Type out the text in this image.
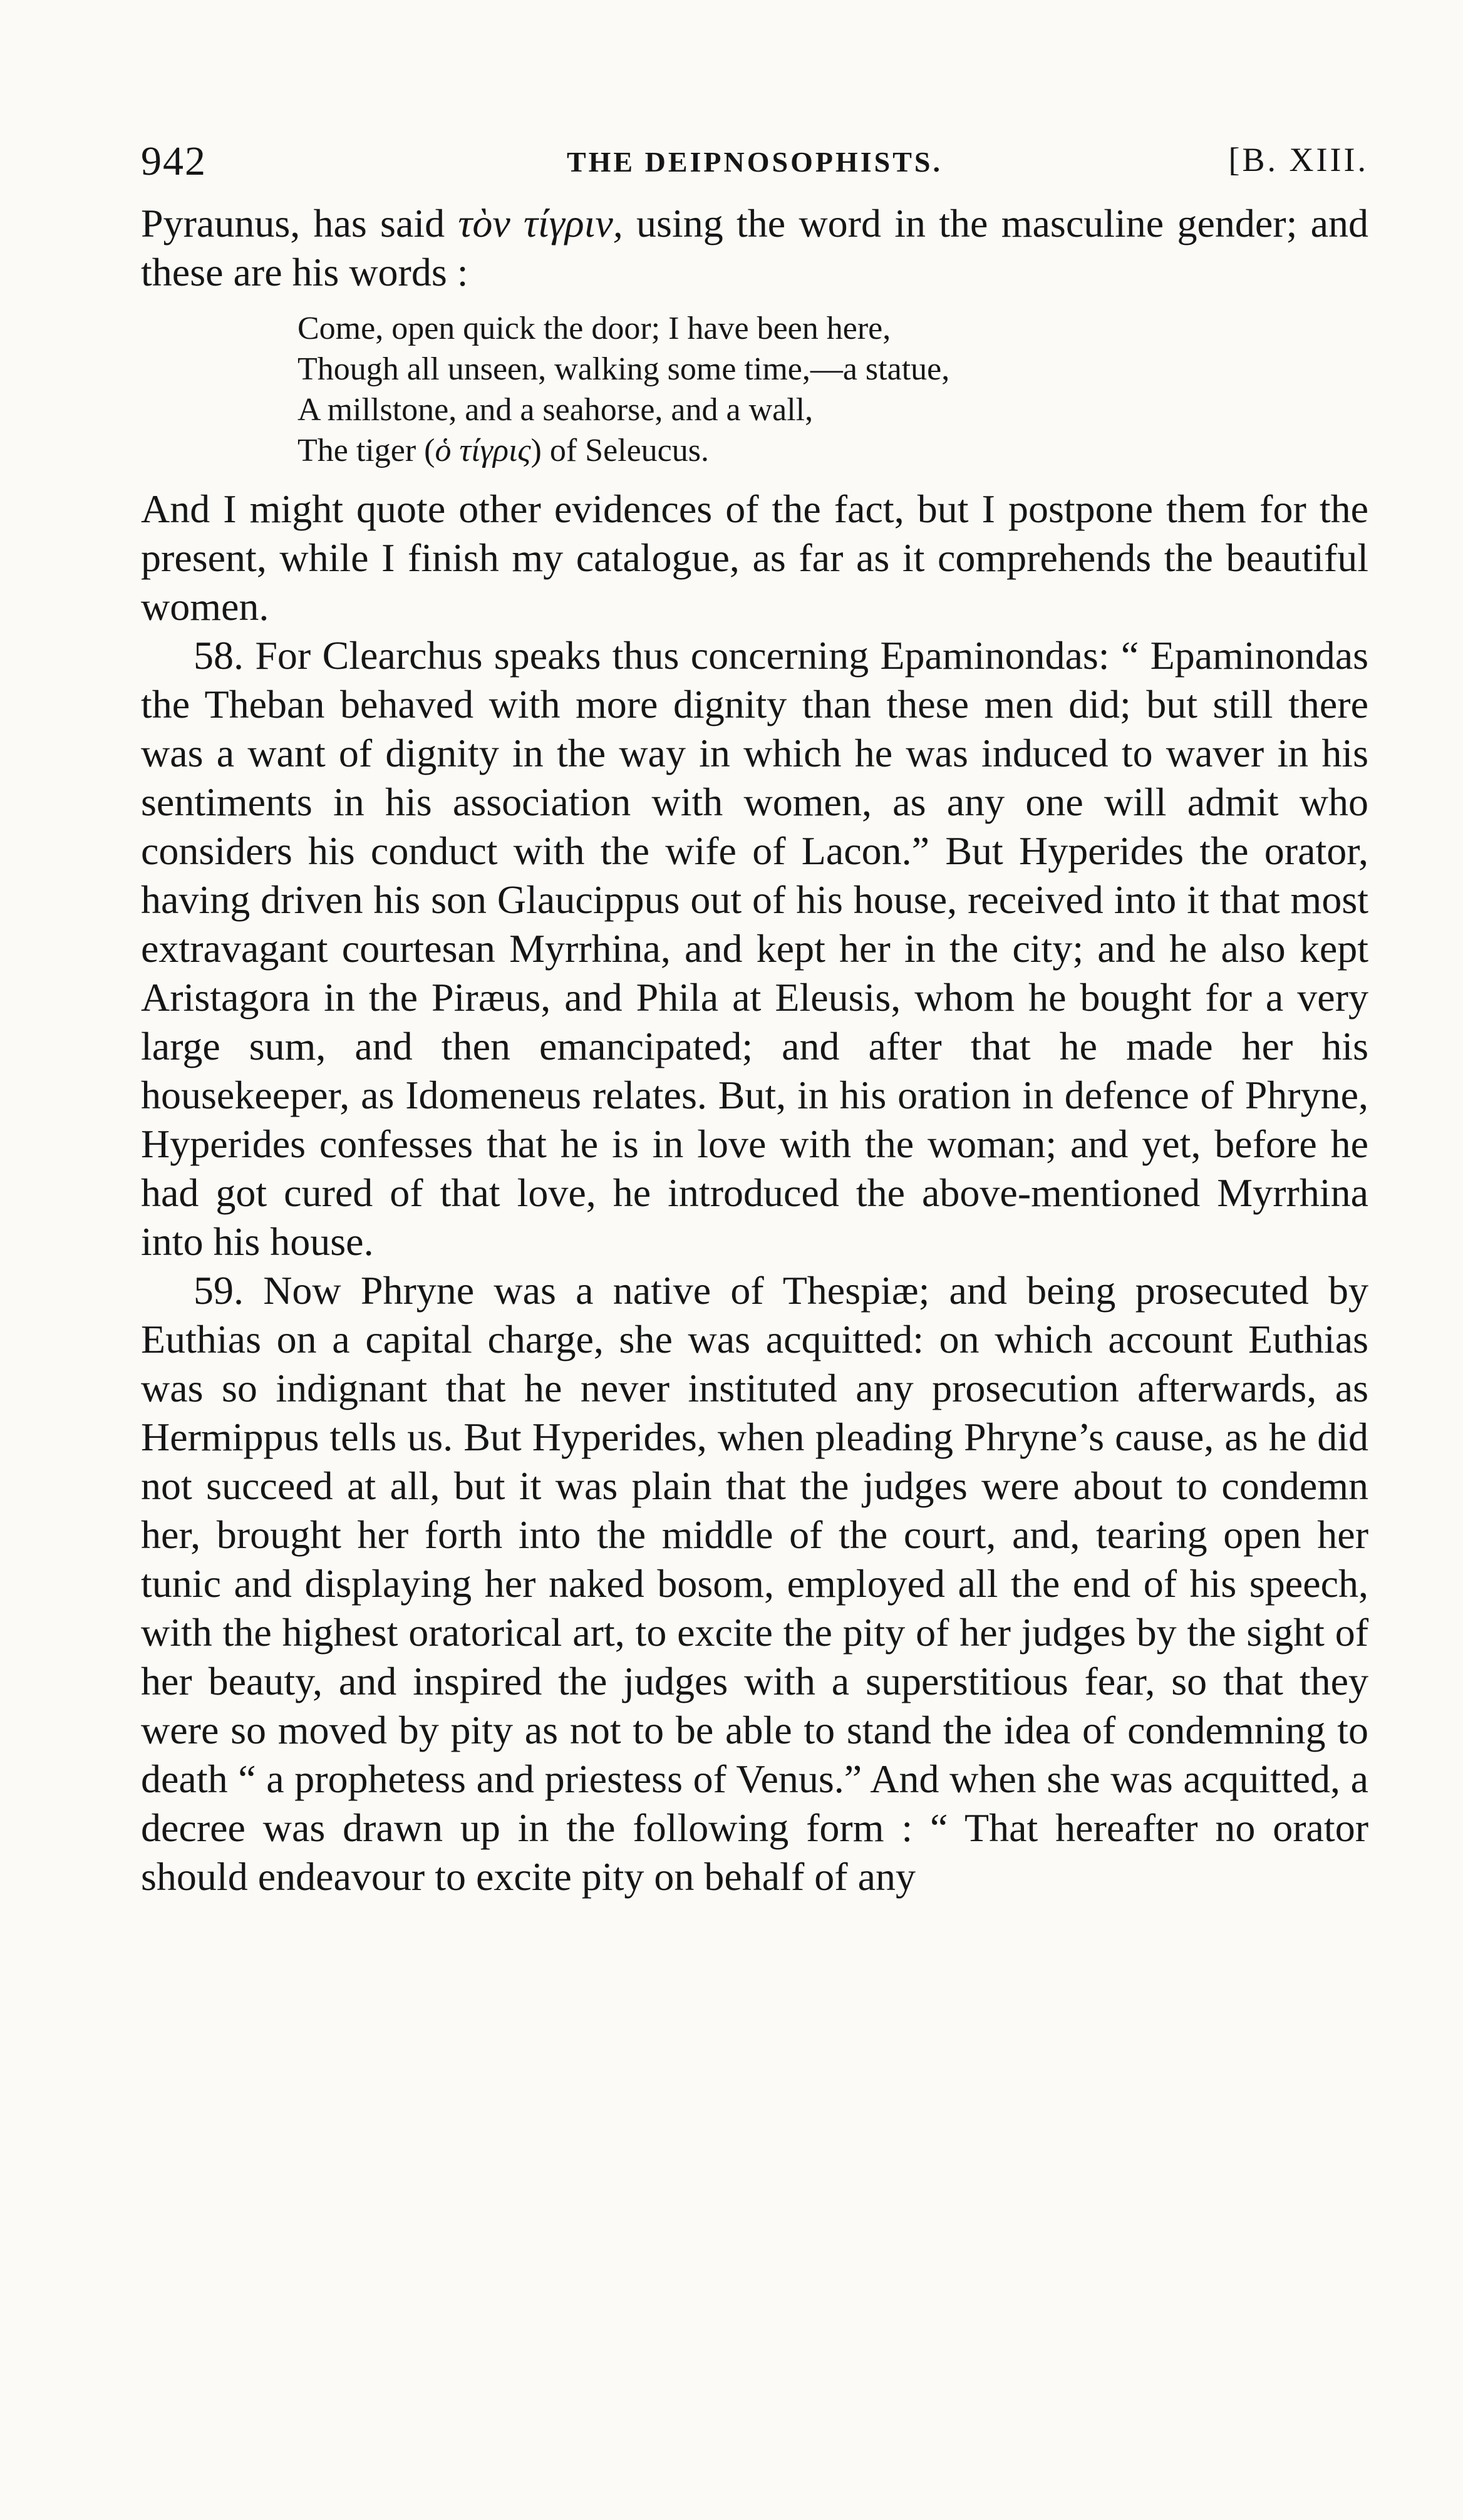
942	THE DEIPNOSOPHISTS.	[B. XIII.

Pyraunus, has said τὸν τίγριν, using the word in the masculine gender; and these are his words :

Come, open quick the door; I have been here,
Though all unseen, walking some time,—a statue,
A millstone, and a seahorse, and a wall,
The tiger (ὁ τίγρις) of Seleucus.

And I might quote other evidences of the fact, but I postpone them for the present, while I finish my catalogue, as far as it comprehends the beautiful women.

58. For Clearchus speaks thus concerning Epaminondas: “ Epaminondas the Theban behaved with more dignity than these men did; but still there was a want of dignity in the way in which he was induced to waver in his sentiments in his association with women, as any one will admit who considers his conduct with the wife of Lacon.” But Hyperides the orator, having driven his son Glaucippus out of his house, received into it that most extravagant courtesan Myrrhina, and kept her in the city; and he also kept Aristagora in the Piræus, and Phila at Eleusis, whom he bought for a very large sum, and then emancipated; and after that he made her his housekeeper, as Idomeneus relates. But, in his oration in defence of Phryne, Hyperides confesses that he is in love with the woman; and yet, before he had got cured of that love, he introduced the above-mentioned Myrrhina into his house.

59. Now Phryne was a native of Thespiæ; and being prosecuted by Euthias on a capital charge, she was acquitted: on which account Euthias was so indignant that he never instituted any prosecution afterwards, as Hermippus tells us. But Hyperides, when pleading Phryne’s cause, as he did not succeed at all, but it was plain that the judges were about to condemn her, brought her forth into the middle of the court, and, tearing open her tunic and displaying her naked bosom, employed all the end of his speech, with the highest oratorical art, to excite the pity of her judges by the sight of her beauty, and inspired the judges with a superstitious fear, so that they were so moved by pity as not to be able to stand the idea of condemning to death “ a prophetess and priestess of Venus.” And when she was acquitted, a decree was drawn up in the following form : “ That hereafter no orator should endeavour to excite pity on behalf of any
